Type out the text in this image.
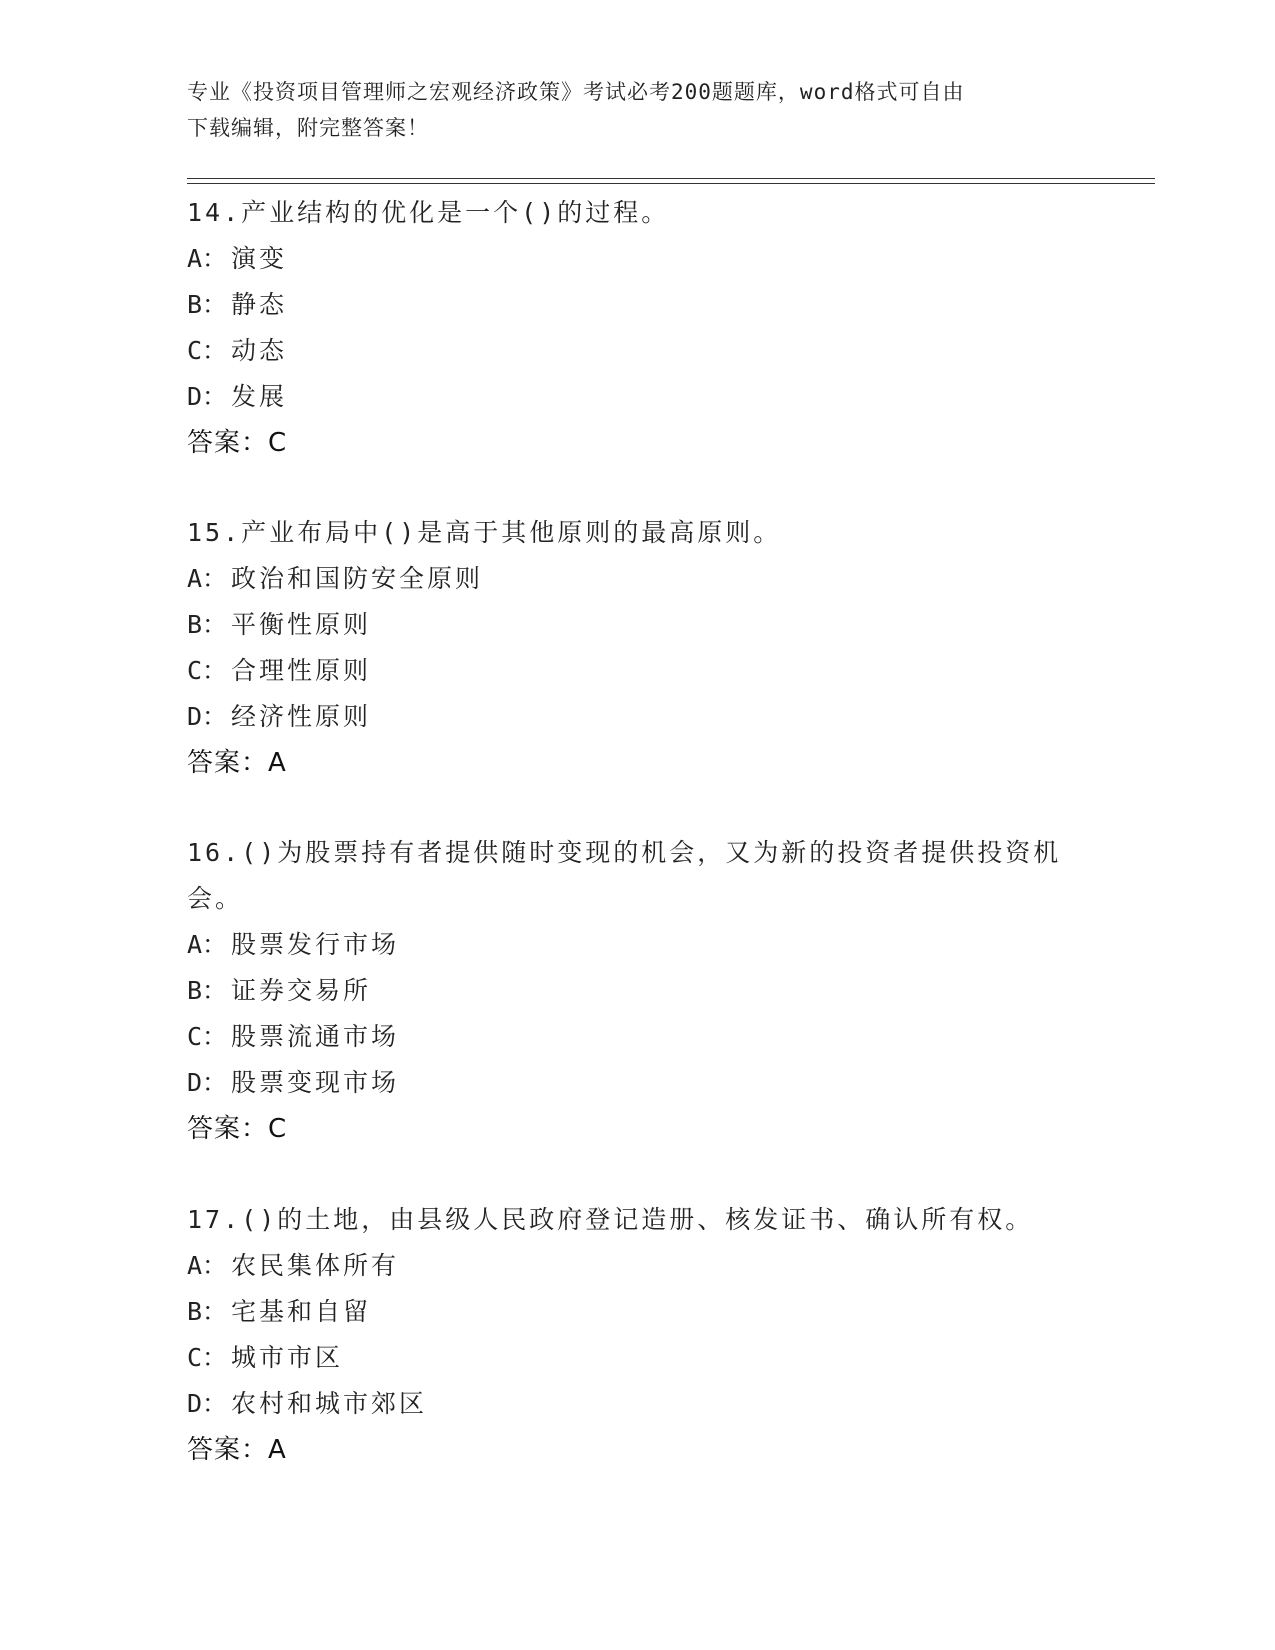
专业《投资项目管理师之宏观经济政策》考试必考200题题库，word格式可自由
下载编辑，附完整答案！

14.产业结构的优化是一个()的过程。

A： 演变

B： 静态

C： 动态

D： 发展

答案：C

15.产业布局中()是高于其他原则的最高原则。

A： 政治和国防安全原则

B： 平衡性原则

C： 合理性原则

D： 经济性原则

答案：A

16.()为股票持有者提供随时变现的机会，又为新的投资者提供投资机会。

A： 股票发行市场

B： 证券交易所

C： 股票流通市场

D： 股票变现市场

答案：C

17.()的土地，由县级人民政府登记造册、核发证书、确认所有权。

A： 农民集体所有

B： 宅基和自留

C： 城市市区

D： 农村和城市郊区

答案：A
